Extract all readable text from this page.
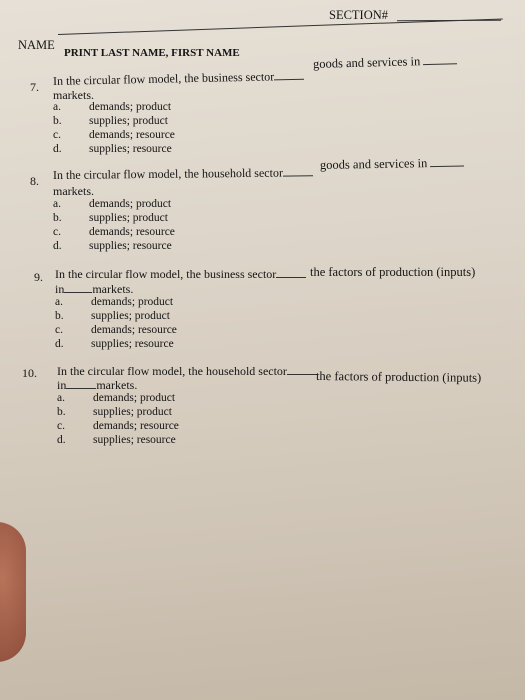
SECTION#
NAME
PRINT LAST NAME, FIRST NAME
7. In the circular flow model, the business sector
goods and services in
markets.
a. demands; product
b. supplies; product
c. demands; resource
d. supplies; resource
8. In the circular flow model, the household sector
goods and services in
markets.
a. demands; product
b. supplies; product
c. demands; resource
d. supplies; resource
9. In the circular flow model, the business sector	the factors of production (inputs)
in markets.
a. demands; product
b. supplies; product
c. demands; resource
d. supplies; resource
10. In the circular flow model, the household sector	the factors of production (inputs)
in	markets.
a. demands; product
b. supplies; product
c. demands; resource
d. supplies; resource
